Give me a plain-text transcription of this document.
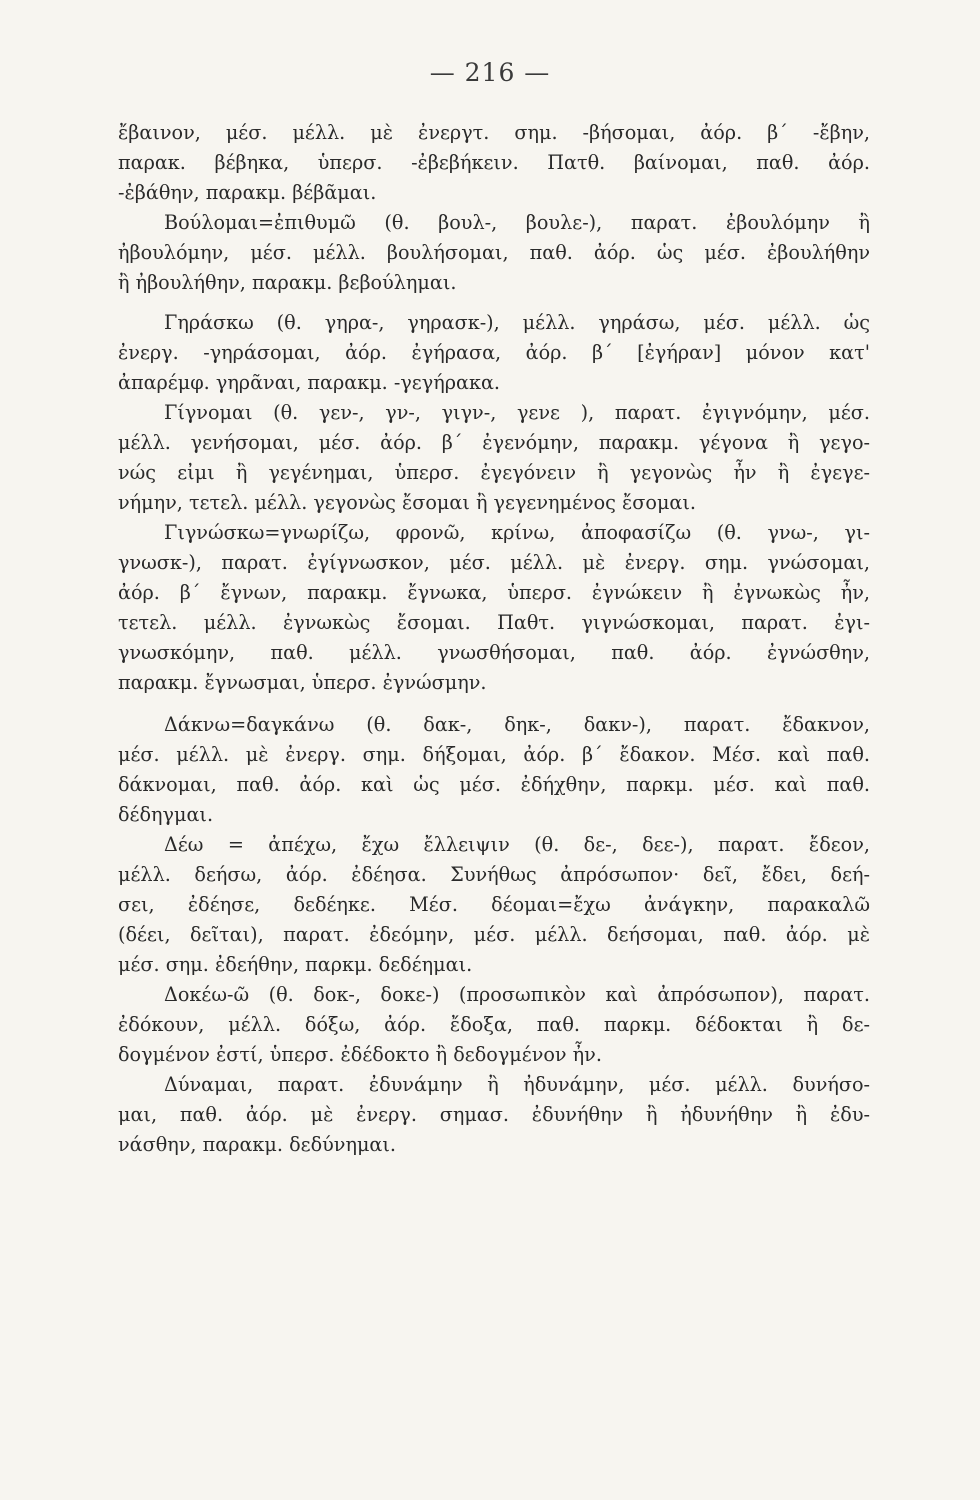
— 216 —
ἔβαινον, μέσ. μέλλ. μὲ ἐνεργτ. σημ. -βήσομαι, ἀόρ. β΄ -ἔβην,
παρακ. βέβηκα, ὑπερσ. -ἐβεβήκειν. Πατθ. βαίνομαι, παθ. ἀόρ.
-ἐβάθην, παρακμ. βέβᾶμαι.
Βούλομαι=ἐπιθυμῶ (θ. βουλ-, βουλε-), παρατ. ἐβουλόμην ἢ
ἠβουλόμην, μέσ. μέλλ. βουλήσομαι, παθ. ἀόρ. ὡς μέσ. ἐβουλήθην
ἢ ἠβουλήθην, παρακμ. βεβούλημαι.
Γηράσκω (θ. γηρα-, γηρασκ-), μέλλ. γηράσω, μέσ. μέλλ. ὡς
ἐνεργ. -γηράσομαι, ἀόρ. ἐγήρασα, ἀόρ. β΄ [ἐγήραν] μόνον κατ'
ἀπαρέμφ. γηρᾶναι, παρακμ. -γεγήρακα.
Γίγνομαι (θ. γεν-, γν-, γιγν-, γενε ), παρατ. ἐγιγνόμην, μέσ.
μέλλ. γενήσομαι, μέσ. ἀόρ. β΄ ἐγενόμην, παρακμ. γέγονα ἢ γεγο-
νώς εἰμι ἢ γεγένημαι, ὑπερσ. ἐγεγόνειν ἢ γεγονὼς ἦν ἢ ἐγεγε-
νήμην, τετελ. μέλλ. γεγονὼς ἔσομαι ἢ γεγενημένος ἔσομαι.
Γιγνώσκω=γνωρίζω, φρονῶ, κρίνω, ἀποφασίζω (θ. γνω-, γι-
γνωσκ-), παρατ. ἐγίγνωσκον, μέσ. μέλλ. μὲ ἐνεργ. σημ. γνώσομαι,
ἀόρ. β΄ ἔγνων, παρακμ. ἔγνωκα, ὑπερσ. ἐγνώκειν ἢ ἐγνωκὼς ἦν,
τετελ. μέλλ. ἐγνωκὼς ἔσομαι. Παθτ. γιγνώσκομαι, παρατ. ἐγι-
γνωσκόμην, παθ. μέλλ. γνωσθήσομαι, παθ. ἀόρ. ἐγνώσθην,
παρακμ. ἔγνωσμαι, ὑπερσ. ἐγνώσμην.
Δάκνω=δαγκάνω (θ. δακ-, δηκ-, δακν-), παρατ. ἔδακνον,
μέσ. μέλλ. μὲ ἐνεργ. σημ. δήξομαι, ἀόρ. β΄ ἔδακον. Μέσ. καὶ παθ.
δάκνομαι, παθ. ἀόρ. καὶ ὡς μέσ. ἐδήχθην, παρκμ. μέσ. καὶ παθ.
δέδηγμαι.
Δέω = ἀπέχω, ἔχω ἔλλειψιν (θ. δε-, δεε-), παρατ. ἔδεον,
μέλλ. δεήσω, ἀόρ. ἐδέησα. Συνήθως ἀπρόσωπον· δεῖ, ἔδει, δεή-
σει, ἐδέησε, δεδέηκε. Μέσ. δέομαι=ἔχω ἀνάγκην, παρακαλῶ
(δέει, δεῖται), παρατ. ἐδεόμην, μέσ. μέλλ. δεήσομαι, παθ. ἀόρ. μὲ
μέσ. σημ. ἐδεήθην, παρκμ. δεδέημαι.
Δοκέω-ῶ (θ. δοκ-, δοκε-) (προσωπικὸν καὶ ἀπρόσωπον), παρατ.
ἐδόκουν, μέλλ. δόξω, ἀόρ. ἔδοξα, παθ. παρκμ. δέδοκται ἢ δε-
δογμένον ἐστί, ὑπερσ. ἐδέδοκτο ἢ δεδογμένον ἦν.
Δύναμαι, παρατ. ἐδυνάμην ἢ ἠδυνάμην, μέσ. μέλλ. δυνήσο-
μαι, παθ. ἀόρ. μὲ ἐνεργ. σημασ. ἐδυνήθην ἢ ἠδυνήθην ἢ ἐδυ-
νάσθην, παρακμ. δεδύνημαι.
